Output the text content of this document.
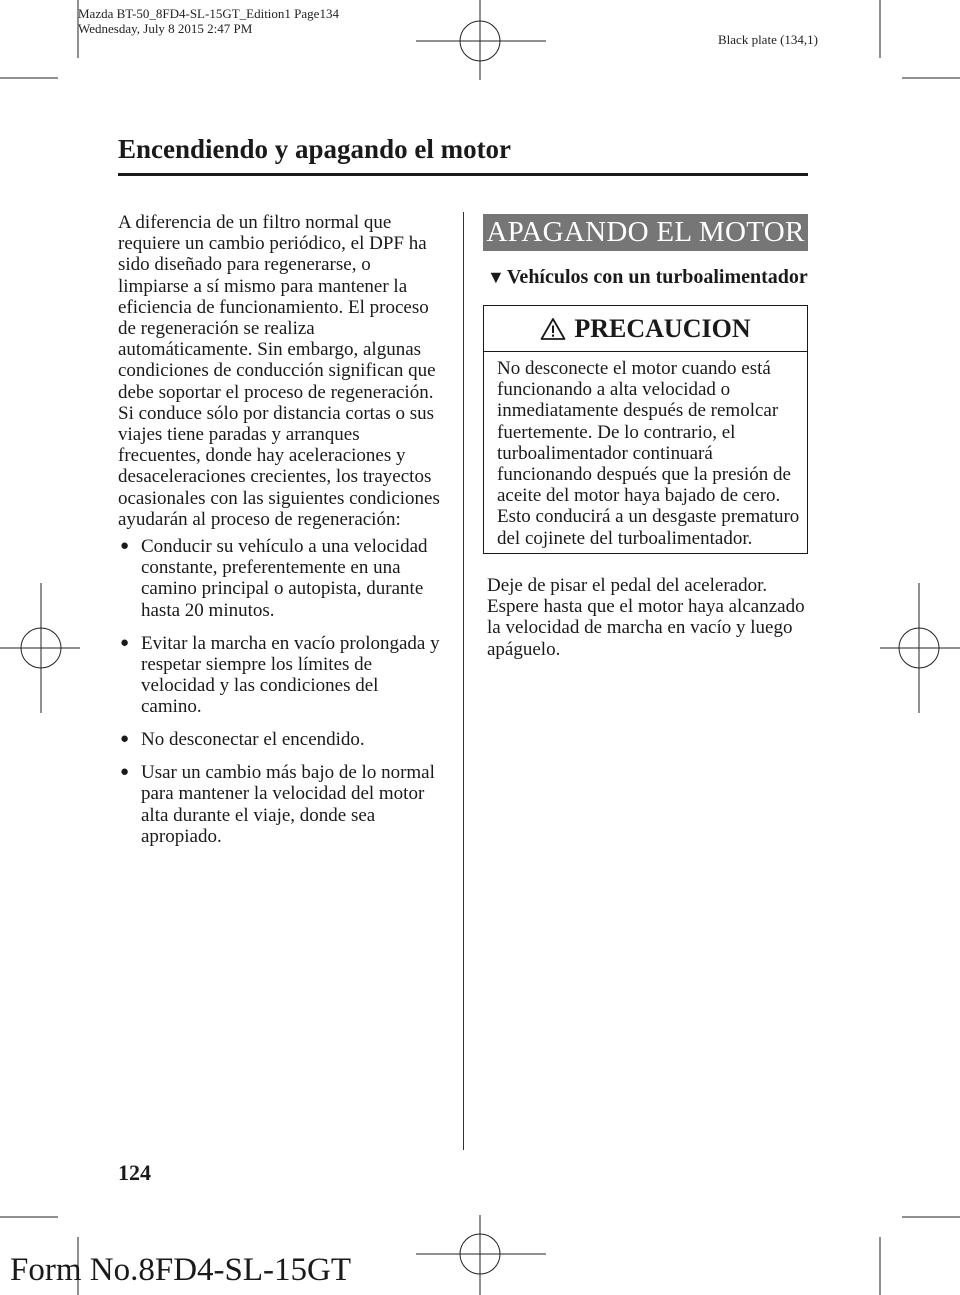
Mazda BT-50_8FD4-SL-15GT_Edition1 Page134
Wednesday, July 8 2015 2:47 PM
Black plate (134,1)
Encendiendo y apagando el motor
A diferencia de un filtro normal que
requiere un cambio periódico, el DPF ha
sido diseñado para regenerarse, o
limpiarse a sí mismo para mantener la
eficiencia de funcionamiento. El proceso
de regeneración se realiza
automáticamente. Sin embargo, algunas
condiciones de conducción significan que
debe soportar el proceso de regeneración.
Si conduce sólo por distancia cortas o sus
viajes tiene paradas y arranques
frecuentes, donde hay aceleraciones y
desaceleraciones crecientes, los trayectos
ocasionales con las siguientes condiciones
ayudarán al proceso de regeneración:
● Conducir su vehículo a una velocidad
constante, preferentemente en una
camino principal o autopista, durante
hasta 20 minutos.
● Evitar la marcha en vacío prolongada y
respetar siempre los límites de
velocidad y las condiciones del
camino.
● No desconectar el encendido.
● Usar un cambio más bajo de lo normal
para mantener la velocidad del motor
alta durante el viaje, donde sea
apropiado.
APAGANDO EL MOTOR
▼ Vehículos con un turboalimentador
PRECAUCION
No desconecte el motor cuando está
funcionando a alta velocidad o
inmediatamente después de remolcar
fuertemente. De lo contrario, el
turboalimentador continuará
funcionando después que la presión de
aceite del motor haya bajado de cero.
Esto conducirá a un desgaste prematuro
del cojinete del turboalimentador.
Deje de pisar el pedal del acelerador.
Espere hasta que el motor haya alcanzado
la velocidad de marcha en vacío y luego
apáguelo.
124
Form No.8FD4-SL-15GT
